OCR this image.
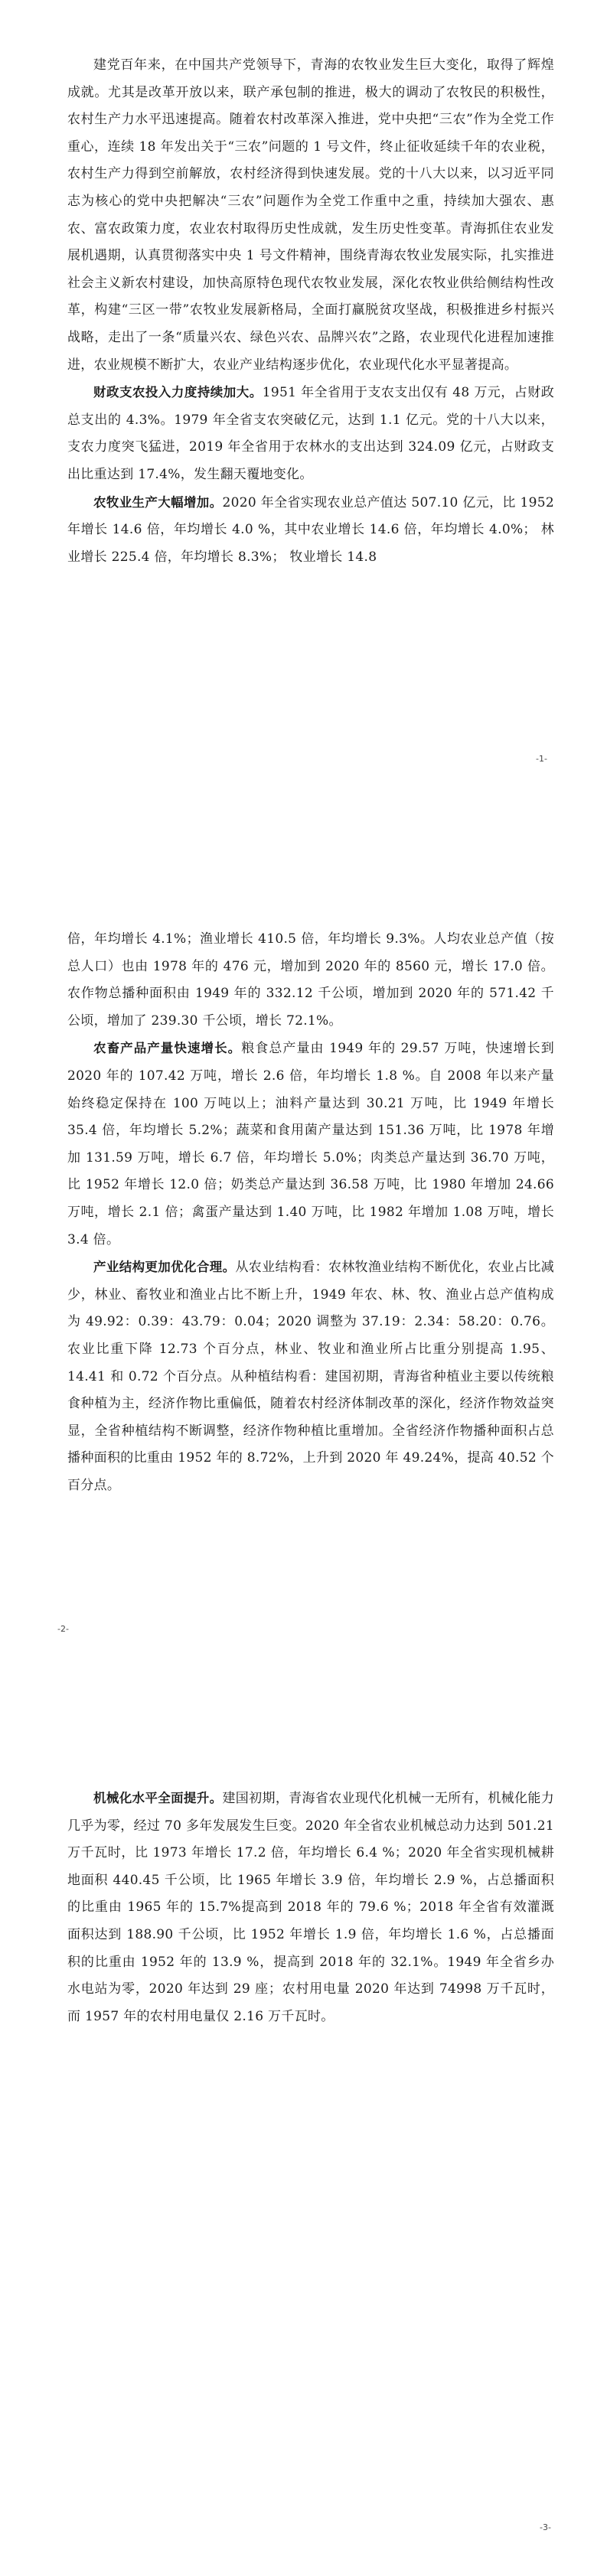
建党百年来，在中国共产党领导下，青海的农牧业发生巨大变化，取得了辉煌成就。尤其是改革开放以来，联产承包制的推进，极大的调动了农牧民的积极性，农村生产力水平迅速提高。随着农村改革深入推进，党中央把“三农”作为全党工作重心，连续 18 年发出关于“三农”问题的 1 号文件，终止征收延续千年的农业税，农村生产力得到空前解放，农村经济得到快速发展。党的十八大以来，以习近平同志为核心的党中央把解决“三农”问题作为全党工作重中之重，持续加大强农、惠农、富农政策力度，农业农村取得历史性成就，发生历史性变革。青海抓住农业发展机遇期，认真贯彻落实中央 1 号文件精神，围绕青海农牧业发展实际，扎实推进社会主义新农村建设，加快高原特色现代农牧业发展，深化农牧业供给侧结构性改革，构建“三区一带”农牧业发展新格局，全面打赢脱贫攻坚战，积极推进乡村振兴战略，走出了一条“质量兴农、绿色兴农、品牌兴农”之路，农业现代化进程加速推进，农业规模不断扩大，农业产业结构逐步优化，农业现代化水平显著提高。

财政支农投入力度持续加大。1951 年全省用于支农支出仅有 48 万元，占财政总支出的 4.3%。1979 年全省支农突破亿元，达到 1.1 亿元。党的十八大以来，支农力度突飞猛进，2019 年全省用于农林水的支出达到 324.09 亿元，占财政支出比重达到 17.4%，发生翻天覆地变化。

农牧业生产大幅增加。2020 年全省实现农业总产值达 507.10 亿元，比 1952 年增长 14.6 倍，年均增长 4.0 %，其中农业增长 14.6 倍，年均增长 4.0%； 林业增长 225.4 倍，年均增长 8.3%； 牧业增长 14.8

-1-

倍，年均增长 4.1%；渔业增长 410.5 倍，年均增长 9.3%。人均农业总产值（按总人口）也由 1978 年的 476 元，增加到 2020 年的 8560 元，增长 17.0 倍。农作物总播种面积由 1949 年的 332.12 千公顷，增加到 2020 年的 571.42 千公顷，增加了 239.30 千公顷，增长 72.1%。

农畜产品产量快速增长。粮食总产量由 1949 年的 29.57 万吨，快速增长到 2020 年的 107.42 万吨，增长 2.6 倍，年均增长 1.8 %。自 2008 年以来产量始终稳定保持在 100 万吨以上；油料产量达到 30.21 万吨，比 1949 年增长 35.4 倍，年均增长 5.2%；蔬菜和食用菌产量达到 151.36 万吨，比 1978 年增加 131.59 万吨，增长 6.7 倍，年均增长 5.0%；肉类总产量达到 36.70 万吨，比 1952 年增长 12.0 倍；奶类总产量达到 36.58 万吨，比 1980 年增加 24.66 万吨，增长 2.1 倍；禽蛋产量达到 1.40 万吨，比 1982 年增加 1.08 万吨，增长 3.4 倍。

产业结构更加优化合理。从农业结构看：农林牧渔业结构不断优化，农业占比减少，林业、畜牧业和渔业占比不断上升，1949 年农、林、牧、渔业占总产值构成为 49.92：0.39：43.79：0.04；2020 调整为 37.19：2.34：58.20：0.76。农业比重下降 12.73 个百分点，林业、牧业和渔业所占比重分别提高 1.95、14.41 和 0.72 个百分点。从种植结构看：建国初期，青海省种植业主要以传统粮食种植为主，经济作物比重偏低，随着农村经济体制改革的深化，经济作物效益突显，全省种植结构不断调整，经济作物种植比重增加。全省经济作物播种面积占总播种面积的比重由 1952 年的 8.72%，上升到 2020 年 49.24%，提高 40.52 个百分点。

-2-

机械化水平全面提升。建国初期，青海省农业现代化机械一无所有，机械化能力几乎为零，经过 70 多年发展发生巨变。2020 年全省农业机械总动力达到 501.21 万千瓦时，比 1973 年增长 17.2 倍，年均增长 6.4 %；2020 年全省实现机械耕地面积 440.45 千公顷，比 1965 年增长 3.9 倍，年均增长 2.9 %，占总播面积的比重由 1965 年的 15.7%提高到 2018 年的 79.6 %；2018 年全省有效灌溉面积达到 188.90 千公顷，比 1952 年增长 1.9 倍，年均增长 1.6 %，占总播面积的比重由 1952 年的 13.9 %，提高到 2018 年的 32.1%。1949 年全省乡办水电站为零，2020 年达到 29 座；农村用电量 2020 年达到 74998 万千瓦时，而 1957 年的农村用电量仅 2.16 万千瓦时。

-3-
